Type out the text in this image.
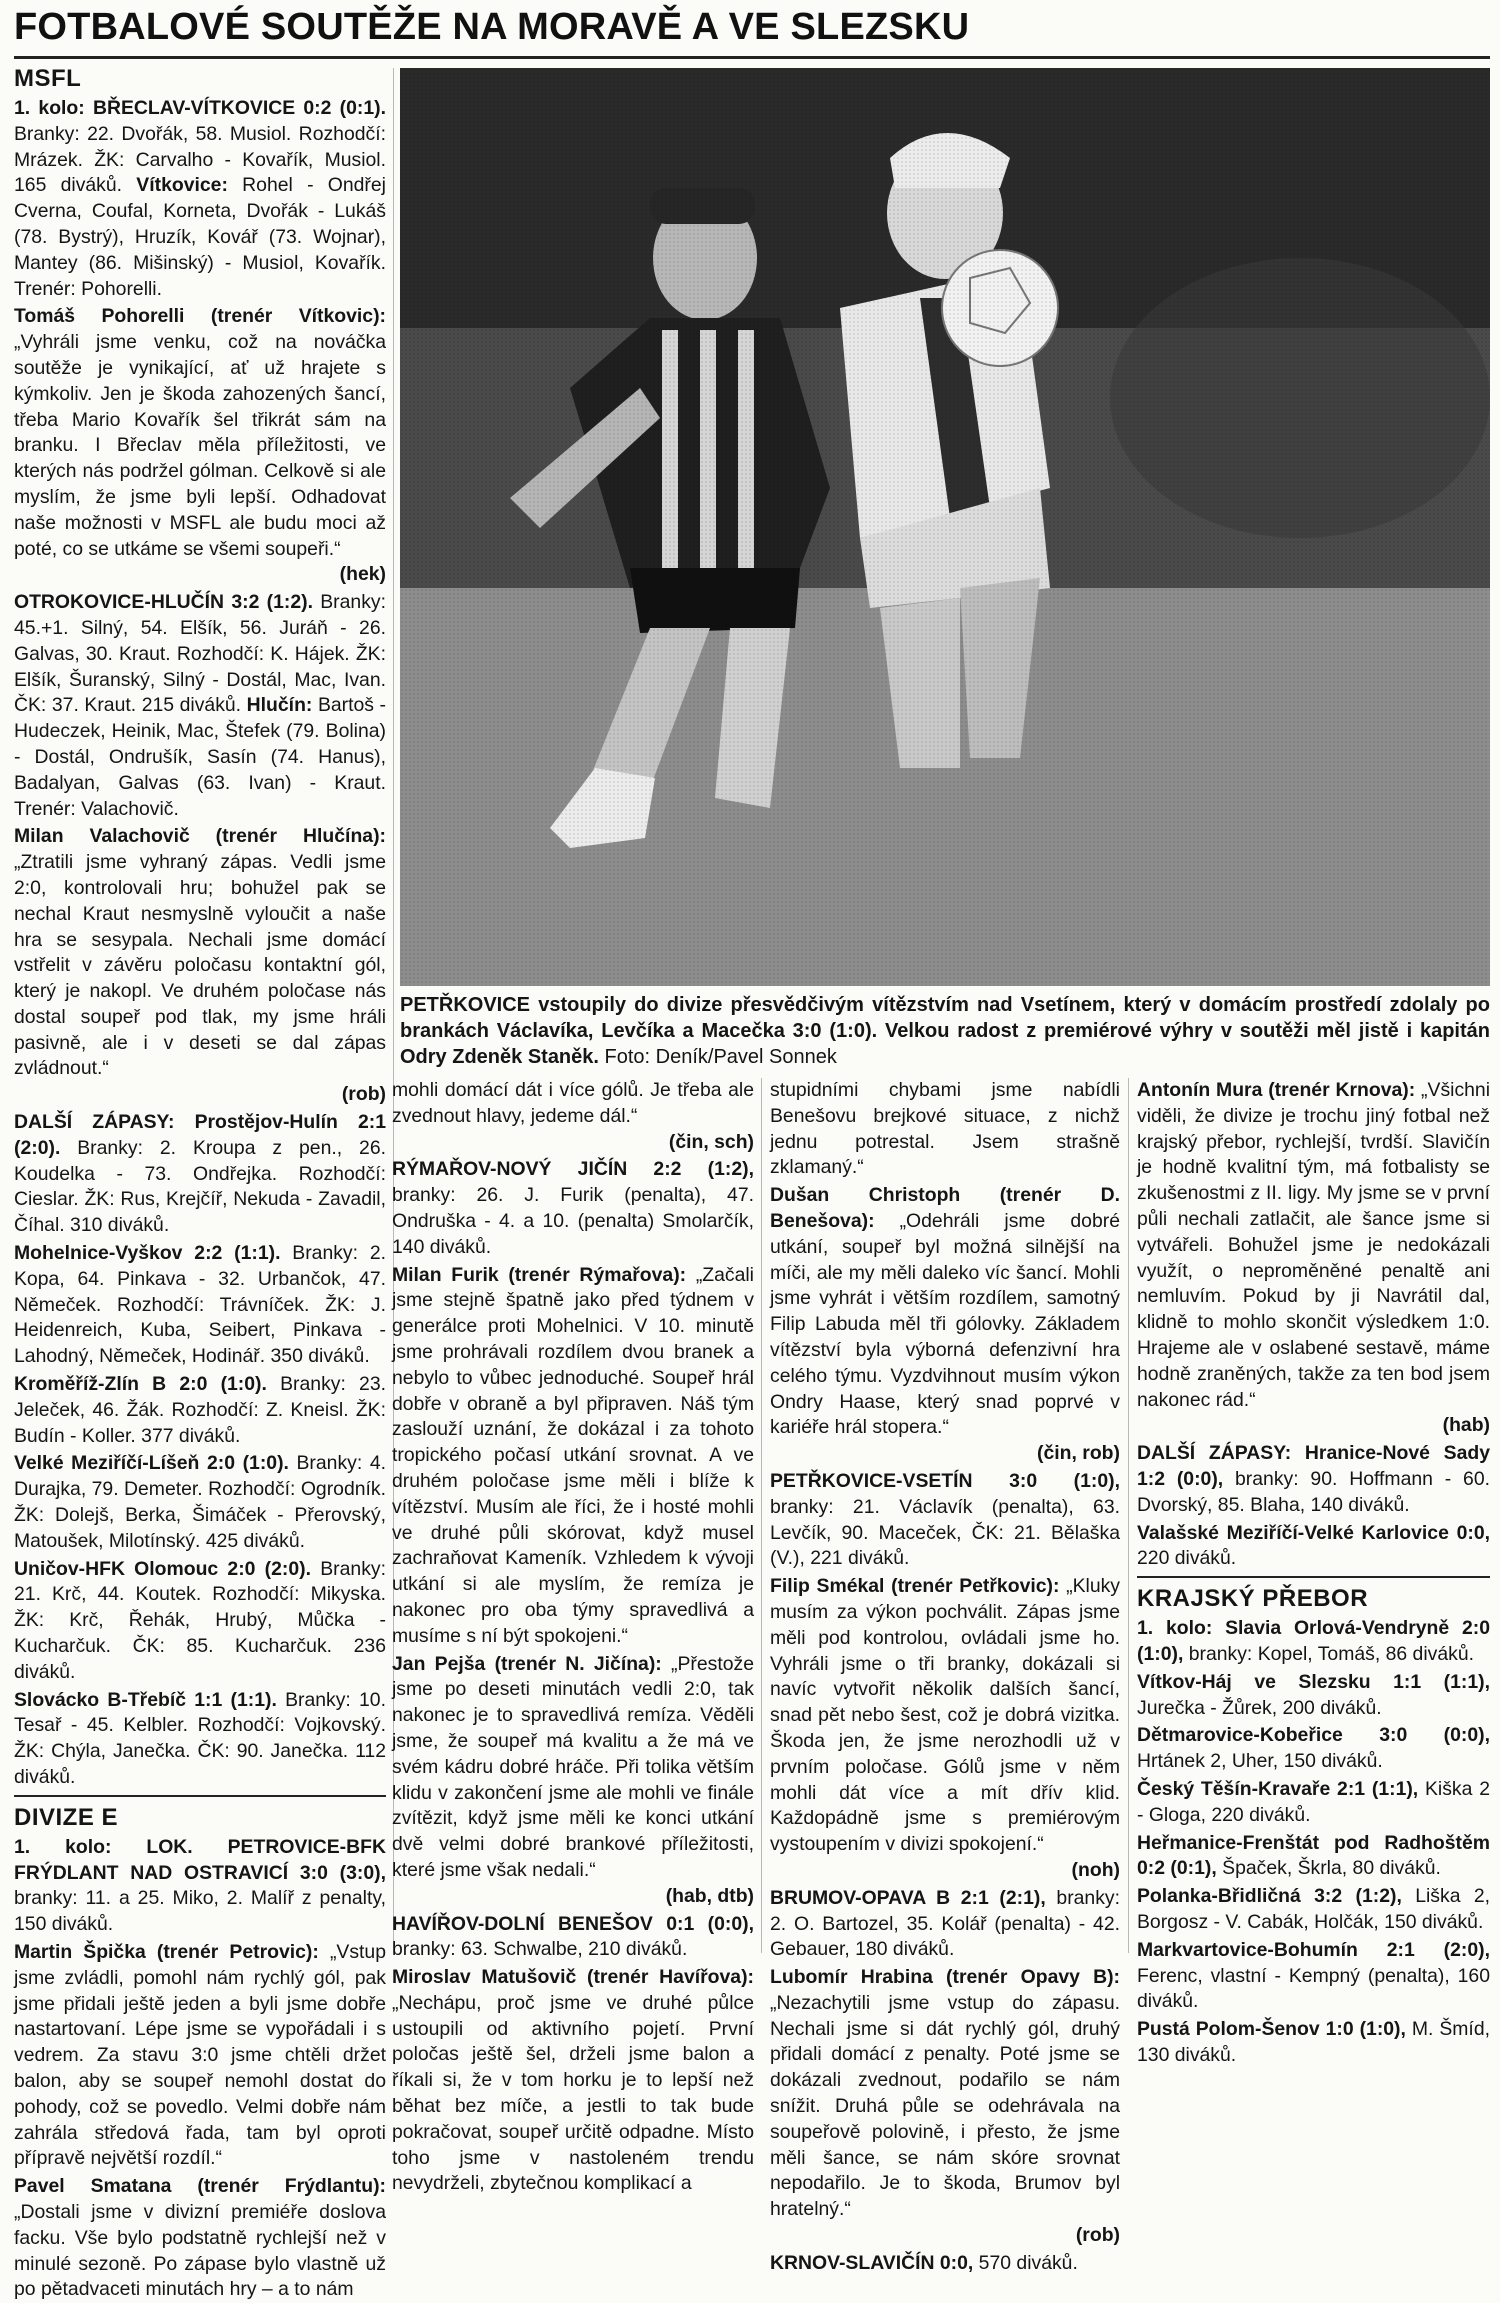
FOTBALOVÉ SOUTĚŽE NA MORAVĚ A VE SLEZSKU
MSFL

1. kolo: BŘECLAV-VÍTKOVICE 0:2 (0:1). Branky: 22. Dvořák, 58. Musiol. Rozhodčí: Mrázek. ŽK: Carvalho - Kovařík, Musiol. 165 diváků. Vítkovice: Rohel - Ondřej Cverna, Coufal, Korneta, Dvořák - Lukáš (78. Bystrý), Hruzík, Kovář (73. Wojnar), Mantey (86. Mišinský) - Musiol, Kovařík. Trenér: Pohorelli.

Tomáš Pohorelli (trenér Vítkovic): „Vyhráli jsme venku, což na nováčka soutěže je vynikající, ať už hrajete s kýmkoliv. Jen je škoda zahozených šancí, třeba Mario Kovařík šel třikrát sám na branku. I Břeclav měla příležitosti, ve kterých nás podržel gólman. Celkově si ale myslím, že jsme byli lepší. Odhadovat naše možnosti v MSFL ale budu moci až poté, co se utkáme se všemi soupeři.“
(hek)

OTROKOVICE-HLUČÍN 3:2 (1:2). Branky: 45.+1. Silný, 54. Elšík, 56. Juráň - 26. Galvas, 30. Kraut. Rozhodčí: K. Hájek. ŽK: Elšík, Šuranský, Silný - Dostál, Mac, Ivan. ČK: 37. Kraut. 215 diváků. Hlučín: Bartoš - Hudeczek, Heinik, Mac, Štefek (79. Bolina) - Dostál, Ondrušík, Sasín (74. Hanus), Badalyan, Galvas (63. Ivan) - Kraut. Trenér: Valachovič.

Milan Valachovič (trenér Hlučína): „Ztratili jsme vyhraný zápas. Vedli jsme 2:0, kontrolovali hru; bohužel pak se nechal Kraut nesmyslně vyloučit a naše hra se sesypala. Nechali jsme domácí vstřelit v závěru poločasu kontaktní gól, který je nakopl. Ve druhém poločase nás dostal soupeř pod tlak, my jsme hráli pasivně, ale i v deseti se dal zápas zvládnout.“
(rob)

DALŠÍ ZÁPASY: Prostějov-Hulín 2:1 (2:0). Branky: 2. Kroupa z pen., 26. Koudelka - 73. Ondřejka. Rozhodčí: Cieslar. ŽK: Rus, Krejčíř, Nekuda - Zavadil, Číhal. 310 diváků.

Mohelnice-Vyškov 2:2 (1:1). Branky: 2. Kopa, 64. Pinkava - 32. Urbančok, 47. Němeček. Rozhodčí: Trávníček. ŽK: J. Heidenreich, Kuba, Seibert, Pinkava - Lahodný, Němeček, Hodinář. 350 diváků.

Kroměříž-Zlín B 2:0 (1:0). Branky: 23. Jeleček, 46. Žák. Rozhodčí: Z. Kneisl. ŽK: Budín - Koller. 377 diváků.

Velké Meziříčí-Líšeň 2:0 (1:0). Branky: 4. Durajka, 79. Demeter. Rozhodčí: Ogrodník. ŽK: Dolejš, Berka, Šimáček - Přerovský, Matoušek, Milotínský. 425 diváků.

Uničov-HFK Olomouc 2:0 (2:0). Branky: 21. Krč, 44. Koutek. Rozhodčí: Mikyska. ŽK: Krč, Řehák, Hrubý, Můčka - Kucharčuk. ČK: 85. Kucharčuk. 236 diváků.

Slovácko B-Třebíč 1:1 (1:1). Branky: 10. Tesař - 45. Kelbler. Rozhodčí: Vojkovský. ŽK: Chýla, Janečka. ČK: 90. Janečka. 112 diváků.

DIVIZE E

1. kolo: LOK. PETROVICE-BFK FRÝDLANT NAD OSTRAVICÍ 3:0 (3:0), branky: 11. a 25. Miko, 2. Malíř z penalty, 150 diváků.

Martin Špička (trenér Petrovic): „Vstup jsme zvládli, pomohl nám rychlý gól, pak jsme přidali ještě jeden a byli jsme dobře nastartovaní. Lépe jsme se vypořádali i s vedrem. Za stavu 3:0 jsme chtěli držet balon, aby se soupeř nemohl dostat do pohody, což se povedlo. Velmi dobře nám zahrála středová řada, tam byl oproti přípravě největší rozdíl.“

Pavel Smatana (trenér Frýdlantu): „Dostali jsme v divizní premiéře doslova facku. Vše bylo podstatně rychlejší než v minulé sezoně. Po zápase bylo vlastně už po pětadvaceti minutách hry – a to nám

PETŘKOVICE vstoupily do divize přesvědčivým vítězstvím nad Vsetínem, který v domácím prostředí zdolaly po brankách Václavíka, Levčíka a Macečka 3:0 (1:0). Velkou radost z premiérové výhry v soutěži měl jistě i kapitán Odry Zdeněk Staněk. Foto: Deník/Pavel Sonnek

mohli domácí dát i více gólů. Je třeba ale zvednout hlavy, jedeme dál.“
(čin, sch)

RÝMAŘOV-NOVÝ JIČÍN 2:2 (1:2), branky: 26. J. Furik (penalta), 47. Ondruška - 4. a 10. (penalta) Smolarčík, 140 diváků.

Milan Furik (trenér Rýmařova): „Začali jsme stejně špatně jako před týdnem v generálce proti Mohelnici. V 10. minutě jsme prohrávali rozdílem dvou branek a nebylo to vůbec jednoduché. Soupeř hrál dobře v obraně a byl připraven. Náš tým zaslouží uznání, že dokázal i za tohoto tropického počasí utkání srovnat. A ve druhém poločase jsme měli i blíže k vítězství. Musím ale říci, že i hosté mohli ve druhé půli skórovat, když musel zachraňovat Kameník. Vzhledem k vývoji utkání si ale myslím, že remíza je nakonec pro oba týmy spravedlivá a musíme s ní být spokojeni.“

Jan Pejša (trenér N. Jičína): „Přestože jsme po deseti minutách vedli 2:0, tak nakonec je to spravedlivá remíza. Věděli jsme, že soupeř má kvalitu a že má ve svém kádru dobré hráče. Při tolika větším klidu v zakončení jsme ale mohli ve finále zvítězit, když jsme měli ke konci utkání dvě velmi dobré brankové příležitosti, které jsme však nedali.“
(hab, dtb)

HAVÍŘOV-DOLNÍ BENEŠOV 0:1 (0:0), branky: 63. Schwalbe, 210 diváků.

Miroslav Matušovič (trenér Havířova): „Nechápu, proč jsme ve druhé půlce ustoupili od aktivního pojetí. První poločas ještě šel, drželi jsme balon a říkali si, že v tom horku je to lepší než běhat bez míče, a jestli to tak bude pokračovat, soupeř určitě odpadne. Místo toho jsme v nastoleném trendu nevydrželi, zbytečnou komplikací a

stupidními chybami jsme nabídli Benešovu brejkové situace, z nichž jednu potrestal. Jsem strašně zklamaný.“

Dušan Christoph (trenér D. Benešova): „Odehráli jsme dobré utkání, soupeř byl možná silnější na míči, ale my měli daleko víc šancí. Mohli jsme vyhrát i větším rozdílem, samotný Filip Labuda měl tři gólovky. Základem vítězství byla výborná defenzivní hra celého týmu. Vyzdvihnout musím výkon Ondry Haase, který snad poprvé v kariéře hrál stopera.“
(čin, rob)

PETŘKOVICE-VSETÍN 3:0 (1:0), branky: 21. Václavík (penalta), 63. Levčík, 90. Maceček, ČK: 21. Bělaška (V.), 221 diváků.

Filip Smékal (trenér Petřkovic): „Kluky musím za výkon pochválit. Zápas jsme měli pod kontrolou, ovládali jsme ho. Vyhráli jsme o tři branky, dokázali si navíc vytvořit několik dalších šancí, snad pět nebo šest, což je dobrá vizitka. Škoda jen, že jsme nerozhodli už v prvním poločase. Gólů jsme v něm mohli dát více a mít dřív klid. Každopádně jsme s premiérovým vystoupením v divizi spokojení.“
(noh)

BRUMOV-OPAVA B 2:1 (2:1), branky: 2. O. Bartozel, 35. Kolář (penalta) - 42. Gebauer, 180 diváků.

Lubomír Hrabina (trenér Opavy B): „Nezachytili jsme vstup do zápasu. Nechali jsme si dát rychlý gól, druhý přidali domácí z penalty. Poté jsme se dokázali zvednout, podařilo se nám snížit. Druhá půle se odehrávala na soupeřově polovině, i přesto, že jsme měli šance, se nám skóre srovnat nepodařilo. Je to škoda, Brumov byl hratelný.“
(rob)

KRNOV-SLAVIČÍN 0:0, 570 diváků.

Antonín Mura (trenér Krnova): „Všichni viděli, že divize je trochu jiný fotbal než krajský přebor, rychlejší, tvrdší. Slavičín je hodně kvalitní tým, má fotbalisty se zkušenostmi z II. ligy. My jsme se v první půli nechali zatlačit, ale šance jsme si vytvářeli. Bohužel jsme je nedokázali využít, o neproměněné penaltě ani nemluvím. Pokud by ji Navrátil dal, klidně to mohlo skončit výsledkem 1:0. Hrajeme ale v oslabené sestavě, máme hodně zraněných, takže za ten bod jsem nakonec rád.“
(hab)

DALŠÍ ZÁPASY: Hranice-Nové Sady 1:2 (0:0), branky: 90. Hoffmann - 60. Dvorský, 85. Blaha, 140 diváků.

Valašské Meziříčí-Velké Karlovice 0:0, 220 diváků.

KRAJSKÝ PŘEBOR

1. kolo: Slavia Orlová-Vendryně 2:0 (1:0), branky: Kopel, Tomáš, 86 diváků.

Vítkov-Háj ve Slezsku 1:1 (1:1), Jurečka - Žůrek, 200 diváků.

Dětmarovice-Kobeřice 3:0 (0:0), Hrtánek 2, Uher, 150 diváků.

Český Těšín-Kravaře 2:1 (1:1), Kiška 2 - Gloga, 220 diváků.

Heřmanice-Frenštát pod Radhoštěm 0:2 (0:1), Špaček, Škrla, 80 diváků.

Polanka-Břidličná 3:2 (1:2), Liška 2, Borgosz - V. Cabák, Holčák, 150 diváků.

Markvartovice-Bohumín 2:1 (2:0), Ferenc, vlastní - Kempný (penalta), 160 diváků.

Pustá Polom-Šenov 1:0 (1:0), M. Šmíd, 130 diváků.
